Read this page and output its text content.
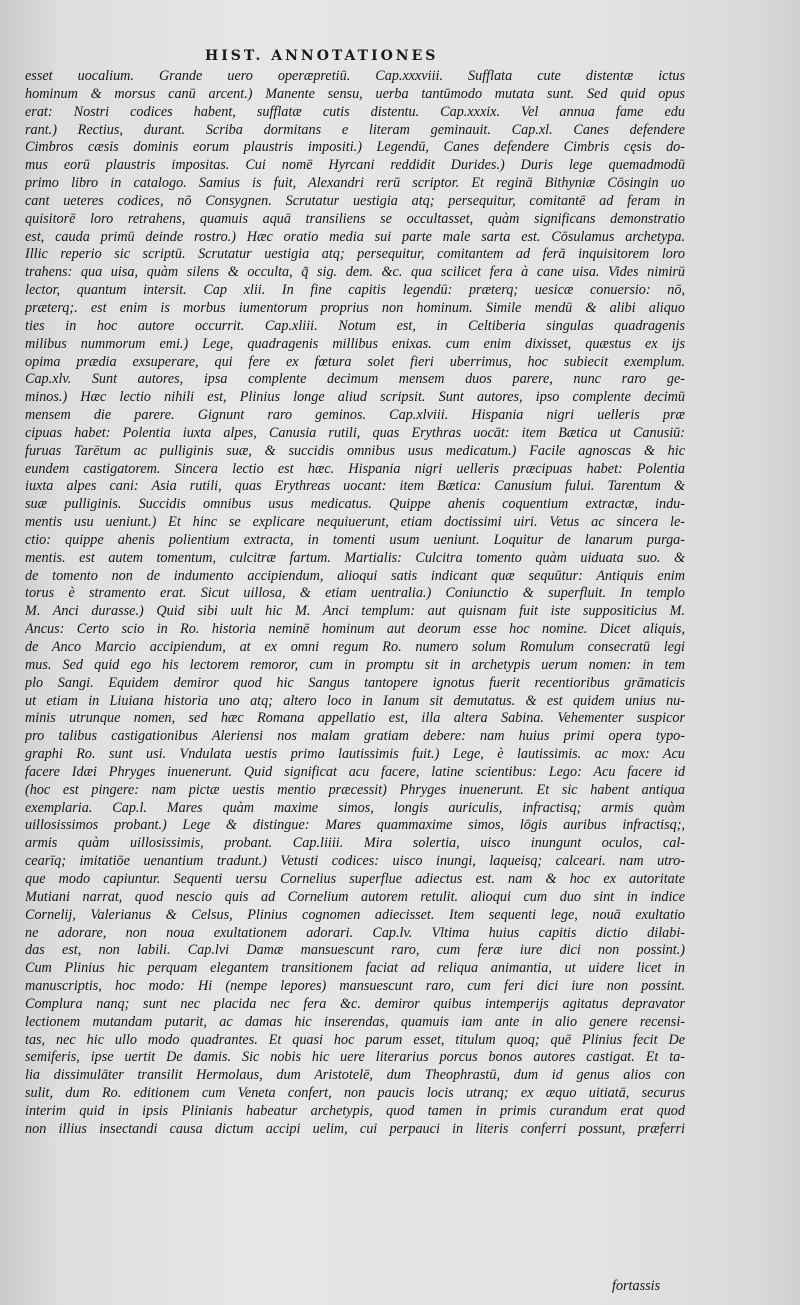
HIST. ANNOTATIONES
esset uocalium. Grande uero operæpretiū. Cap.xxxviii. Sufflata cute distentæ ictus
hominum & morsus canū arcent.) Manente sensu, uerba tantūmodo mutata sunt. Sed quid opus
erat: Nostri codices habent, sufflatæ cutis distentu. Cap.xxxix. Vel annua fame edu
rant.) Rectius, durant. Scriba dormitans e literam geminauit. Cap.xl. Canes defendere
Cimbros cæsis dominis eorum plaustris impositi.) Legendū, Canes defendere Cimbris cęsis do-
mus eorū plaustris impositas. Cui nomē Hyrcani reddidit Durides.) Duris lege quemadmodū
primo libro in catalogo. Samius is fuit, Alexandri rerū scriptor. Et reginā Bithyniæ Cōsingin uo
cant ueteres codices, nō Consygnen. Scrutatur uestigia atq; persequitur, comitantē ad feram in
quisitorē loro retrahens, quamuis aquā transiliens se occultasset, quàm significans demonstratio
est, cauda primū deinde rostro.) Hæc oratio media sui parte male sarta est. Cōsulamus archetypa.
Illic reperio sic scriptū. Scrutatur uestigia atq; persequitur, comitantem ad ferā inquisitorem loro
trahens: qua uisa, quàm silens & occulta, q̃ sig. dem. &c. qua scilicet fera à cane uisa. Vides nimirū
lector, quantum intersit. Cap xlii. In fine capitis legendū: præterq; uesicæ conuersio: nō,
præterq;. est enim is morbus iumentorum proprius non hominum. Simile mendū & alibi aliquo
ties in hoc autore occurrit. Cap.xliii. Notum est, in Celtiberia singulas quadragenis
milibus nummorum emi.) Lege, quadragenis millibus enixas. cum enim dixisset, quæstus ex ijs
opima prædia exsuperare, qui fere ex fœtura solet fieri uberrimus, hoc subiecit exemplum.
Cap.xlv. Sunt autores, ipsa complente decimum mensem duos parere, nunc raro ge-
minos.) Hæc lectio nihili est, Plinius longe aliud scripsit. Sunt autores, ipso complente decimū
mensem die parere. Gignunt raro geminos. Cap.xlviii. Hispania nigri uelleris præ
cipuas habet: Polentia iuxta alpes, Canusia rutili, quas Erythras uocāt: item Bætica ut Canusiū:
furuas Tarētum ac pulliginis suæ, & succidis omnibus usus medicatum.) Facile agnoscas & hic
eundem castigatorem. Sincera lectio est hæc. Hispania nigri uelleris præcipuas habet: Polentia
iuxta alpes cani: Asia rutili, quas Erythreas uocant: item Bætica: Canusium fului. Tarentum &
suæ pulliginis. Succidis omnibus usus medicatus. Quippe ahenis coquentium extractæ, indu-
mentis usu ueniunt.) Et hinc se explicare nequiuerunt, etiam doctissimi uiri. Vetus ac sincera le-
ctio: quippe ahenis polientium extracta, in tomenti usum ueniunt. Loquitur de lanarum purga-
mentis. est autem tomentum, culcitræ fartum. Martialis: Culcitra tomento quàm uiduata suo. &
de tomento non de indumento accipiendum, alioqui satis indicant quæ sequūtur: Antiquis enim
torus è stramento erat. Sicut uillosa, & etiam uentralia.) Coniunctio & superfluit. In templo
M. Anci durasse.) Quid sibi uult hic M. Anci templum: aut quisnam fuit iste suppositicius M.
Ancus: Certo scio in Ro. historia neminē hominum aut deorum esse hoc nomine. Dicet aliquis,
de Anco Marcio accipiendum, at ex omni regum Ro. numero solum Romulum consecratū legi
mus. Sed quid ego his lectorem remoror, cum in promptu sit in archetypis uerum nomen: in tem
plo Sangi. Equidem demiror quod hic Sangus tantopere ignotus fuerit recentioribus grāmaticis
ut etiam in Liuiana historia uno atq; altero loco in Ianum sit demutatus. & est quidem unius nu-
minis utrunque nomen, sed hæc Romana appellatio est, illa altera Sabina. Vehementer suspicor
pro talibus castigationibus Aleriensi nos malam gratiam debere: nam huius primi opera typo-
graphi Ro. sunt usi. Vndulata uestis primo lautissimis fuit.) Lege, è lautissimis. ac mox: Acu
facere Idæi Phryges inuenerunt. Quid significat acu facere, latine scientibus: Lego: Acu facere id
(hoc est pingere: nam pictæ uestis mentio præcessit) Phryges inuenerunt. Et sic habent antiqua
exemplaria. Cap.l. Mares quàm maxime simos, longis auriculis, infractisq; armis quàm
uillosissimos probant.) Lege & distingue: Mares quammaxime simos, lōgis auribus infractisq;,
armis quàm uillosissimis, probant. Cap.liiii. Mira solertia, uisco inungunt oculos, cal-
cearīq; imitatiōe uenantium tradunt.) Vetusti codices: uisco inungi, laqueisq; calceari. nam utro-
que modo capiuntur. Sequenti uersu Cornelius superflue adiectus est. nam & hoc ex autoritate
Mutiani narrat, quod nescio quis ad Cornelium autorem retulit. alioqui cum duo sint in indice
Cornelij, Valerianus & Celsus, Plinius cognomen adiecisset. Item sequenti lege, nouā exultatio
ne adorare, non noua exultationem adorari. Cap.lv. Vltima huius capitis dictio dilabi-
das est, non labili. Cap.lvi Damæ mansuescunt raro, cum feræ iure dici non possint.)
Cum Plinius hic perquam elegantem transitionem faciat ad reliqua animantia, ut uidere licet in
manuscriptis, hoc modo: Hi (nempe lepores) mansuescunt raro, cum feri dici iure non possint.
Complura nanq; sunt nec placida nec fera &c. demiror quibus intemperijs agitatus depravator
lectionem mutandam putarit, ac damas hic inserendas, quamuis iam ante in alio genere recensi-
tas, nec hic ullo modo quadrantes. Et quasi hoc parum esset, titulum quoq; quē Plinius fecit De
semiferis, ipse uertit De damis. Sic nobis hic uere literarius porcus bonos autores castigat. Et ta-
lia dissimulāter transilit Hermolaus, dum Aristotelē, dum Theophrastū, dum id genus alios con
sulit, dum Ro. editionem cum Veneta confert, non paucis locis utranq; ex æquo uitiatā, securus
interim quid in ipsis Plinianis habeatur archetypis, quod tamen in primis curandum erat quod
non illius insectandi causa dictum accipi uelim, cui perpauci in literis conferri possunt, præferri
fortassis
